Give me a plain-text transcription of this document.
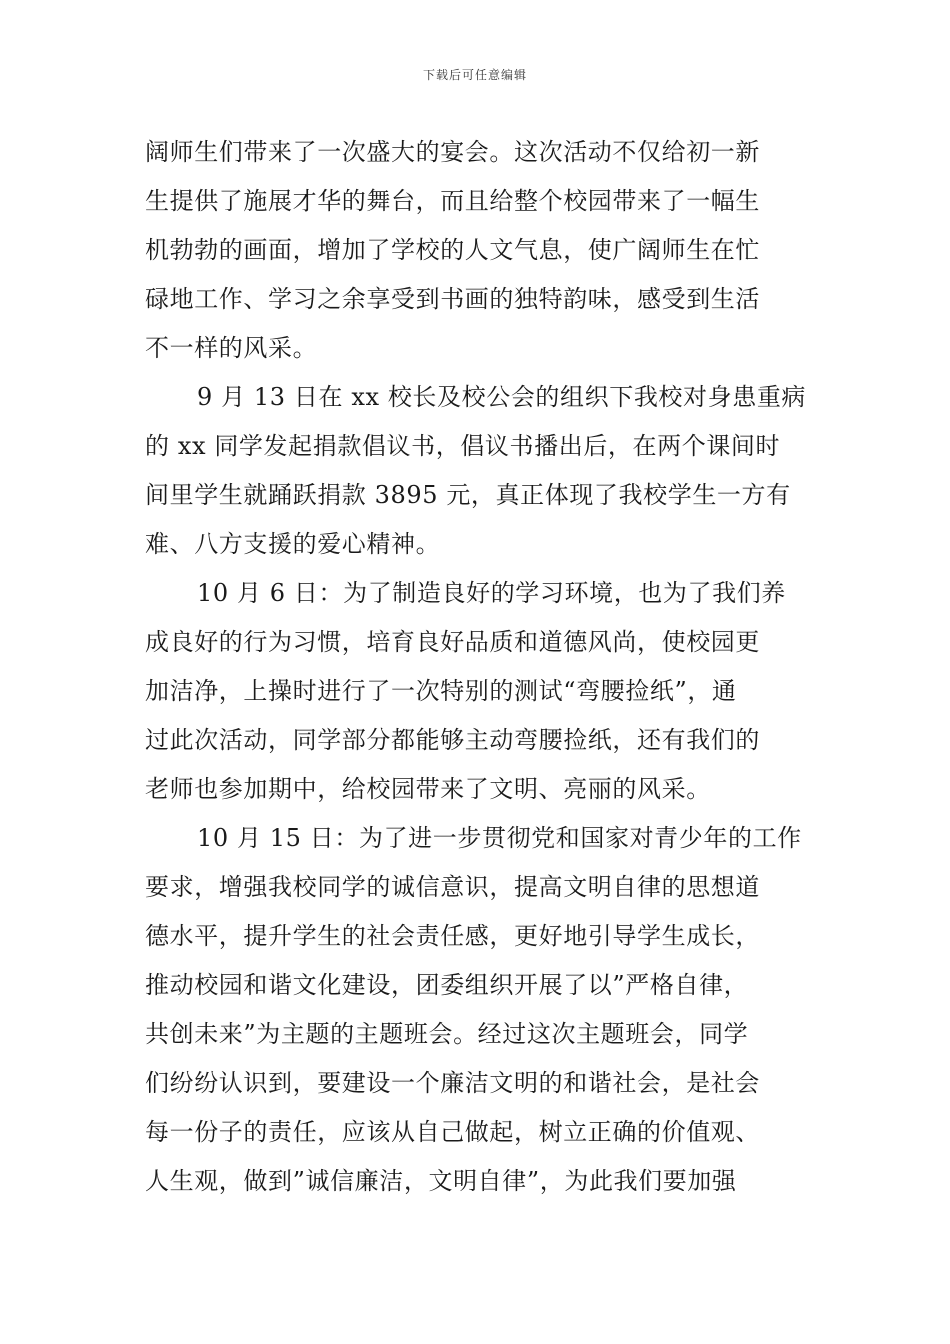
下载后可任意编辑
阔师生们带来了一次盛大的宴会。这次活动不仅给初一新
生提供了施展才华的舞台，而且给整个校园带来了一幅生
机勃勃的画面，增加了学校的人文气息，使广阔师生在忙
碌地工作、学习之余享受到书画的独特韵味，感受到生活
不一样的风采。
9 月 13 日在 xx 校长及校公会的组织下我校对身患重病
的 xx 同学发起捐款倡议书，倡议书播出后，在两个课间时
间里学生就踊跃捐款 3895 元，真正体现了我校学生一方有
难、八方支援的爱心精神。
10 月 6 日：为了制造良好的学习环境，也为了我们养
成良好的行为习惯，培育良好品质和道德风尚，使校园更
加洁净，上操时进行了一次特别的测试“弯腰捡纸”，通
过此次活动，同学部分都能够主动弯腰捡纸，还有我们的
老师也参加期中，给校园带来了文明、亮丽的风采。
10 月 15 日：为了进一步贯彻党和国家对青少年的工作
要求，增强我校同学的诚信意识，提高文明自律的思想道
德水平，提升学生的社会责任感，更好地引导学生成长，
推动校园和谐文化建设，团委组织开展了以”严格自律，
共创未来”为主题的主题班会。经过这次主题班会，同学
们纷纷认识到，要建设一个廉洁文明的和谐社会，是社会
每一份子的责任，应该从自己做起，树立正确的价值观、
人生观，做到”诚信廉洁，文明自律”，为此我们要加强
